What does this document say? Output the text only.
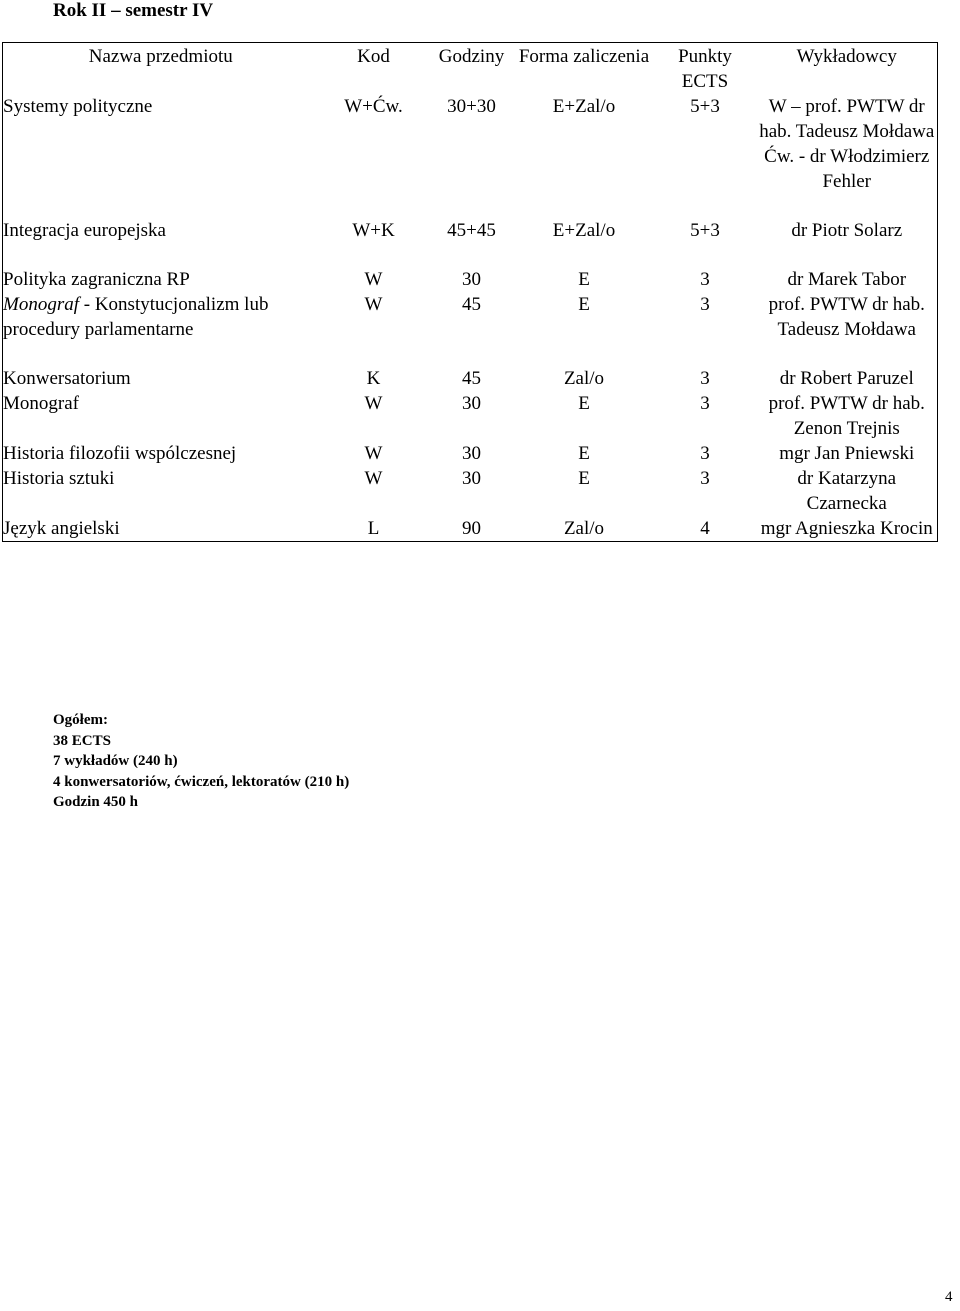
Rok II – semestr IV
Nazwa przedmiotu	Kod	Godziny	Forma zaliczenia	Punkty ECTS	Wykładowcy
Systemy polityczne	W+Ćw.	30+30	E+Zal/o	5+3	W – prof. PWTW dr hab. Tadeusz Mołdawa Ćw. - dr Włodzimierz Fehler

Integracja europejska	W+K	45+45	E+Zal/o	5+3	dr Piotr Solarz

Polityka zagraniczna RP	W	30	E	3	dr Marek Tabor
Monograf - Konstytucjonalizm lub procedury parlamentarne	W	45	E	3	prof. PWTW dr hab. Tadeusz Mołdawa

Konwersatorium	K	45	Zal/o	3	dr Robert Paruzel
Monograf	W	30	E	3	prof. PWTW dr hab. Zenon Trejnis
Historia filozofii wspólczesnej	W	30	E	3	mgr Jan Pniewski
Historia sztuki	W	30	E	3	dr Katarzyna Czarnecka
Język angielski	L	90	Zal/o	4	mgr Agnieszka Krocin
Ogółem:
38 ECTS
7 wykładów (240 h)
4 konwersatoriów, ćwiczeń, lektoratów (210 h)
Godzin 450 h
4
